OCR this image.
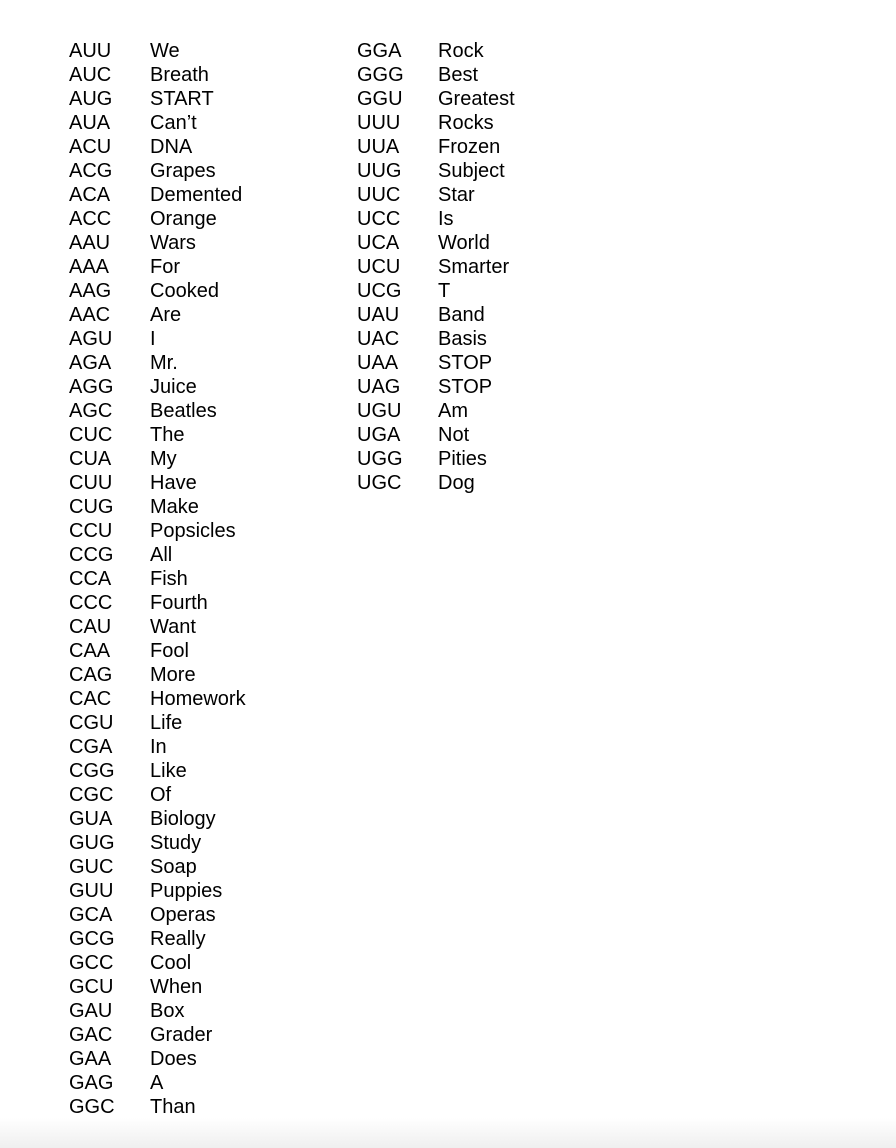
AUU	We
AUC	Breath
AUG	START
AUA	Can’t
ACU	DNA
ACG	Grapes
ACA	Demented
ACC	Orange
AAU	Wars
AAA	For
AAG	Cooked
AAC	Are
AGU	I
AGA	Mr.
AGG	Juice
AGC	Beatles
CUC	The
CUA	My
CUU	Have
CUG	Make
CCU	Popsicles
CCG	All
CCA	Fish
CCC	Fourth
CAU	Want
CAA	Fool
CAG	More
CAC	Homework
CGU	Life
CGA	In
CGG	Like
CGC	Of
GUA	Biology
GUG	Study
GUC	Soap
GUU	Puppies
GCA	Operas
GCG	Really
GCC	Cool
GCU	When
GAU	Box
GAC	Grader
GAA	Does
GAG	A
GGC	Than
GGA	Rock
GGG	Best
GGU	Greatest
UUU	Rocks
UUA	Frozen
UUG	Subject
UUC	Star
UCC	Is
UCA	World
UCU	Smarter
UCG	T
UAU	Band
UAC	Basis
UAA	STOP
UAG	STOP
UGU	Am
UGA	Not
UGG	Pities
UGC	Dog
